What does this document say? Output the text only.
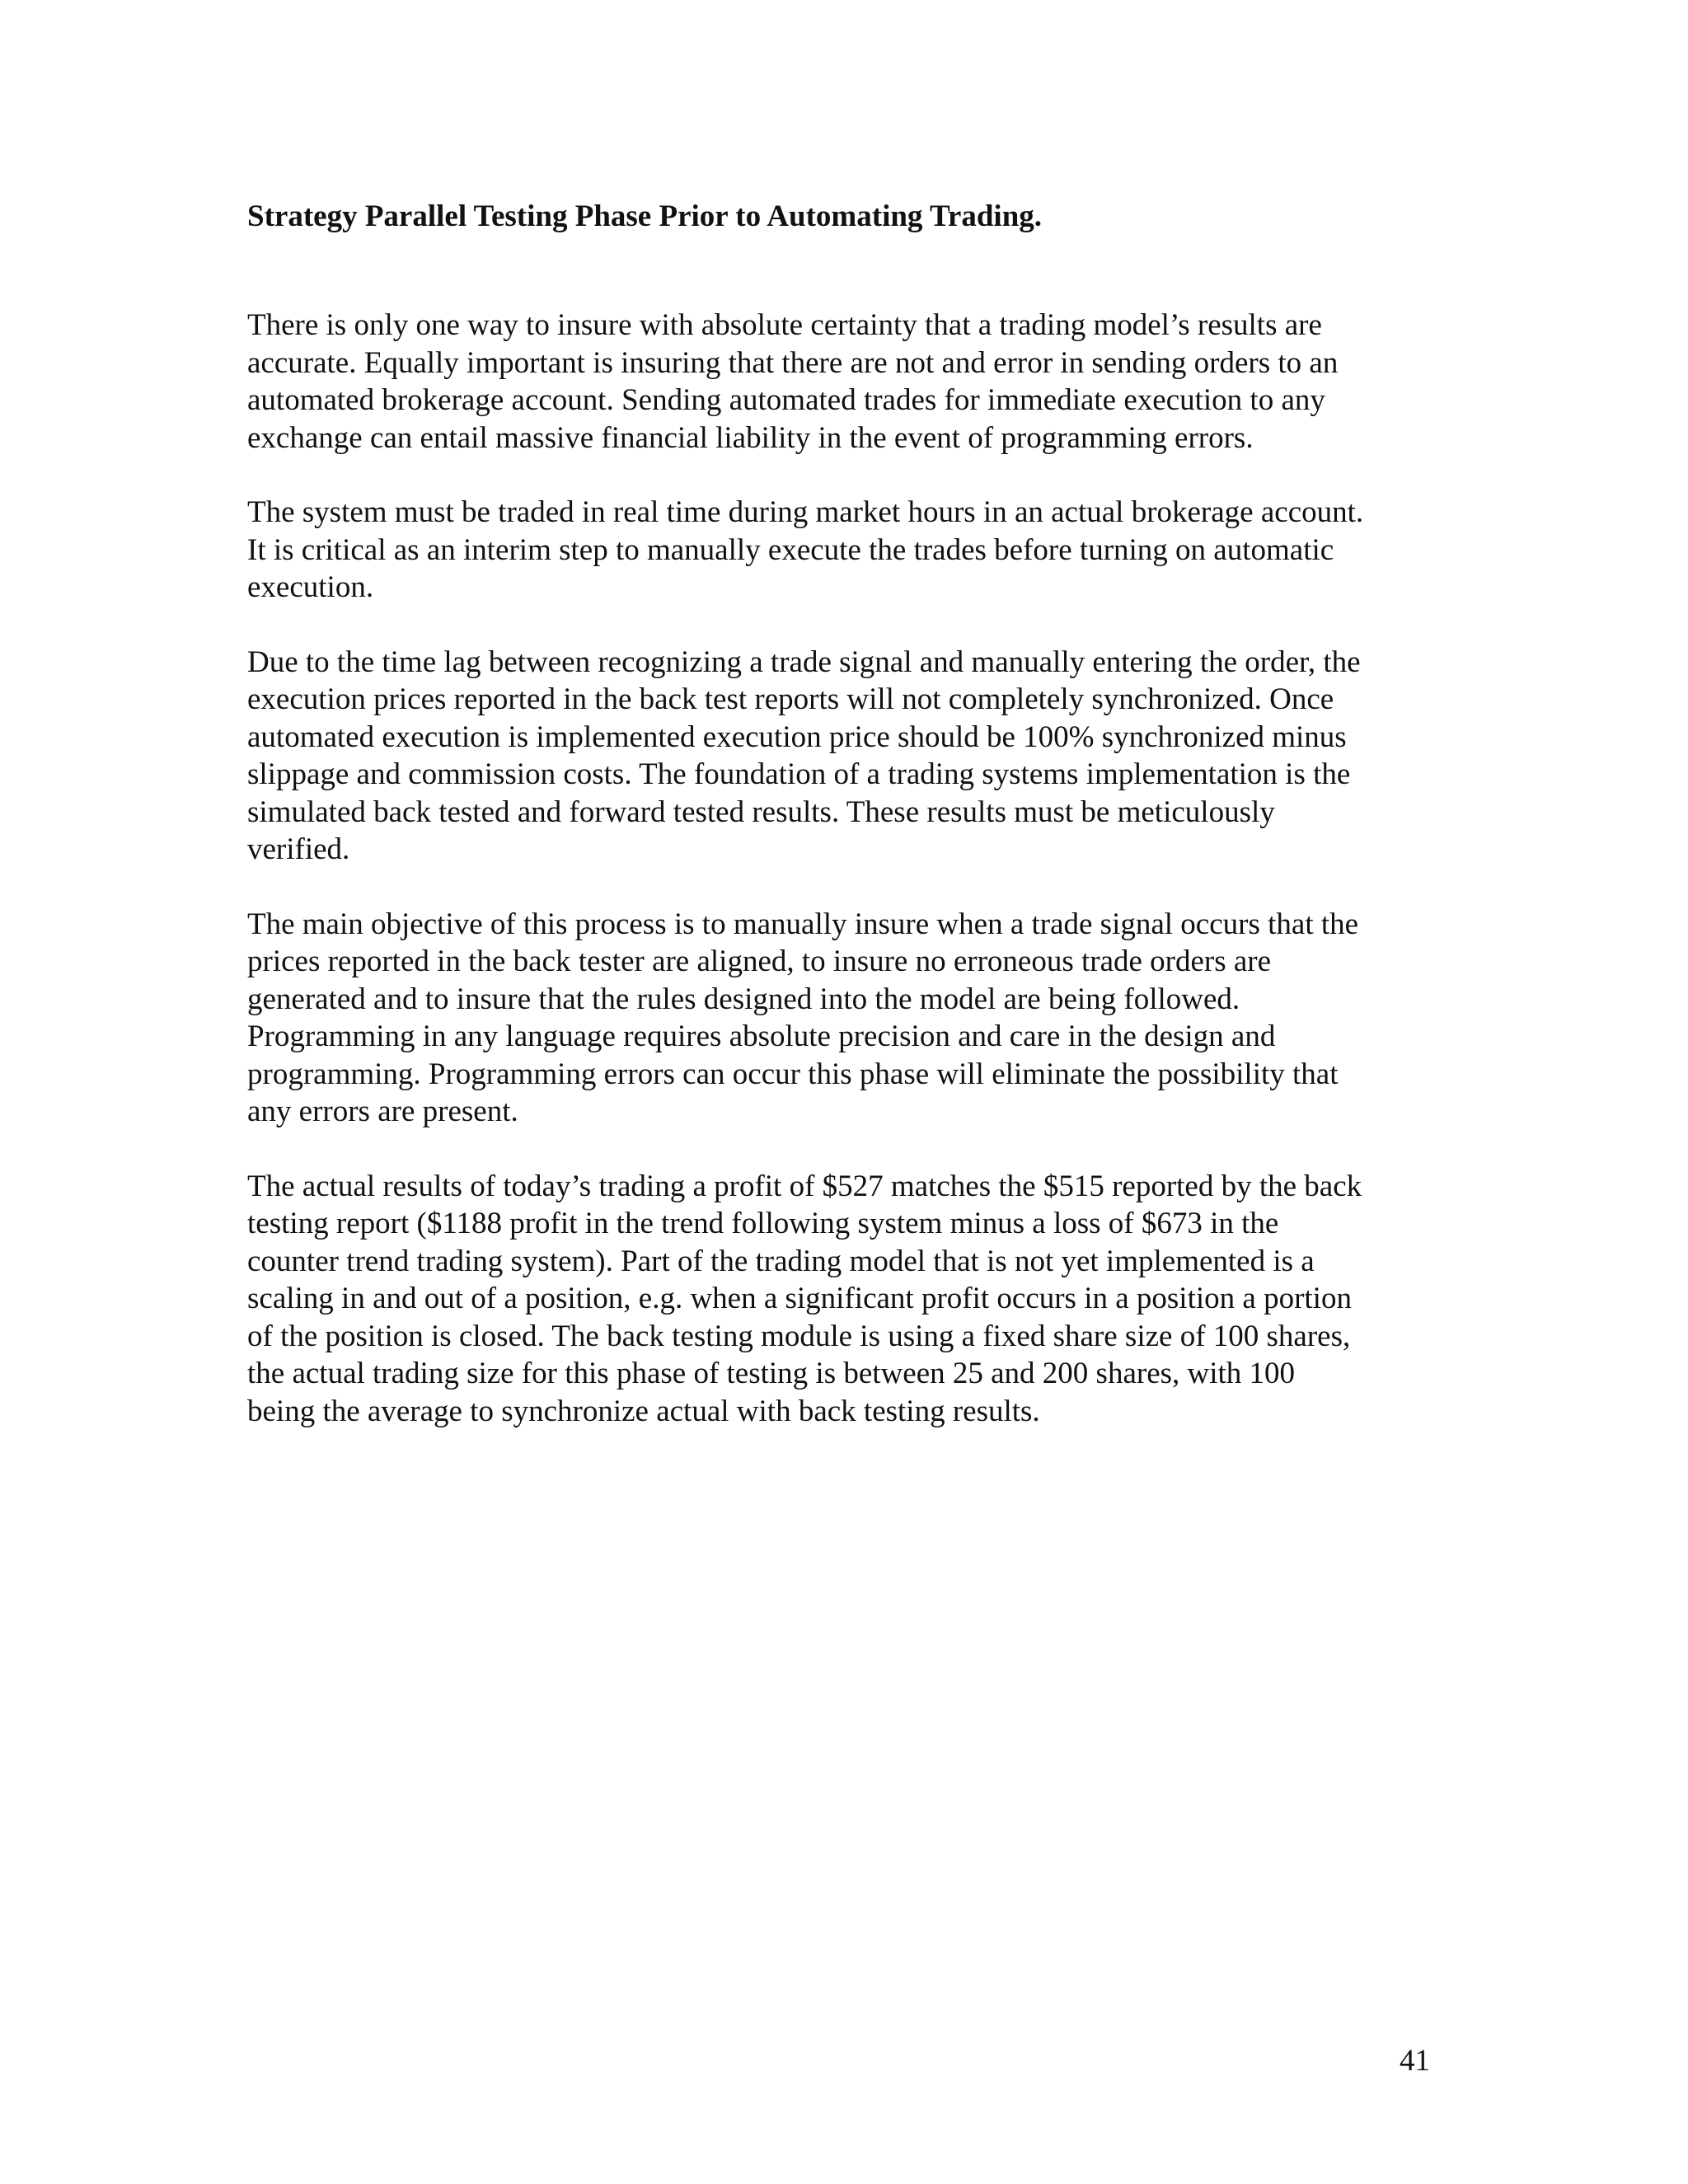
Strategy Parallel Testing Phase Prior to Automating Trading.
There is only one way to insure with absolute certainty that a trading model’s results are
accurate. Equally important is insuring that there are not and error in sending orders to an
automated brokerage account. Sending automated trades for immediate execution to any
exchange can entail massive financial liability in the event of programming errors.
The system must be traded in real time during market hours in an actual brokerage account.
It is critical as an interim step to manually execute the trades before turning on automatic
execution.
Due to the time lag between recognizing a trade signal and manually entering the order, the
execution prices reported in the back test reports will not completely synchronized. Once
automated execution is implemented execution price should be 100% synchronized minus
slippage and commission costs. The foundation of a trading systems implementation is the
simulated back tested and forward tested results. These results must be meticulously
verified.
The main objective of this process is to manually insure when a trade signal occurs that the
prices reported in the back tester are aligned, to insure no erroneous trade orders are
generated and to insure that the rules designed into the model are being followed.
Programming in any language requires absolute precision and care in the design and
programming. Programming errors can occur this phase will eliminate the possibility that
any errors are present.
The actual results of today’s trading a profit of $527 matches the $515 reported by the back
testing report ($1188 profit in the trend following system minus a loss of $673 in the
counter trend trading system). Part of the trading model that is not yet implemented is a
scaling in and out of a position, e.g. when a significant profit occurs in a position a portion
of the position is closed. The back testing module is using a fixed share size of 100 shares,
the actual trading size for this phase of testing is between 25 and 200 shares, with 100
being the average to synchronize actual with back testing results.
41
